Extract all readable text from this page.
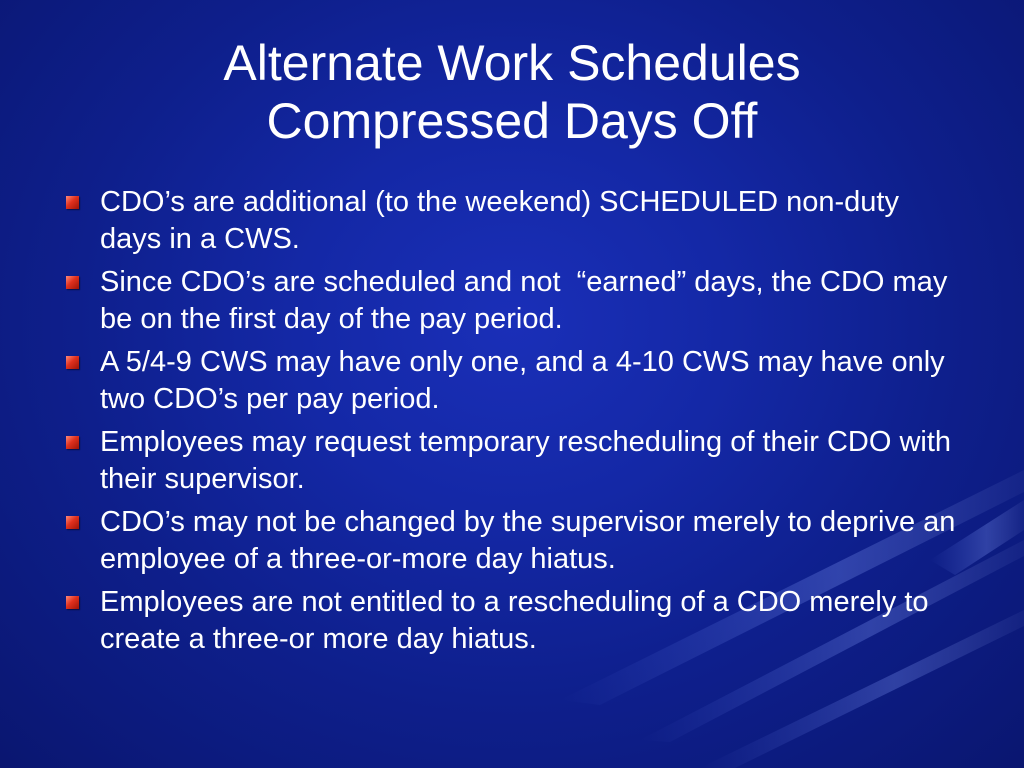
Alternate Work Schedules
Compressed Days Off
CDO’s are additional (to the weekend) SCHEDULED non-duty days in a CWS.
Since CDO’s are scheduled and not  “earned” days, the CDO may be on the first day of the pay period.
A 5/4-9 CWS may have only one, and a 4-10 CWS may have only two CDO’s per pay period.
Employees may request temporary rescheduling of their CDO with their supervisor.
CDO’s may not be changed by the supervisor merely to deprive an employee of a three-or-more day hiatus.
Employees are not entitled to a rescheduling of a CDO merely to create a three-or more day hiatus.
